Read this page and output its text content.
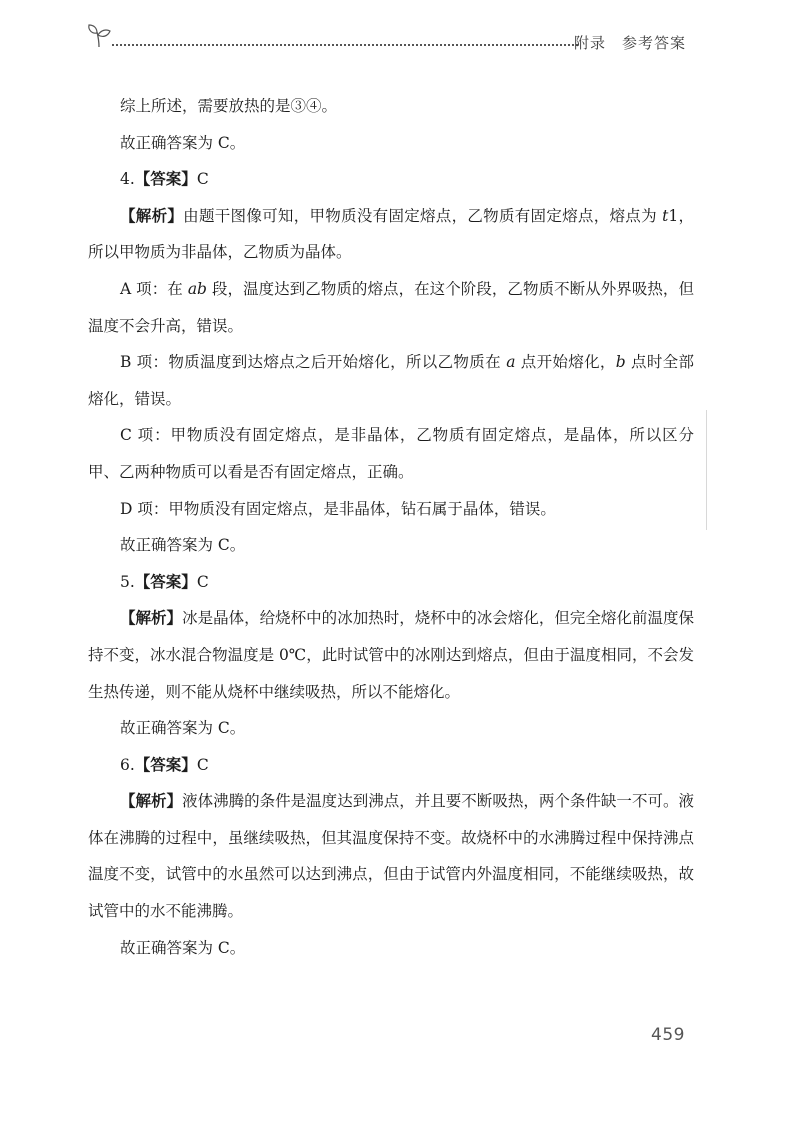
附录 参考答案

综上所述，需要放热的是③④。

故正确答案为 C。

4.【答案】C

【解析】由题干图像可知，甲物质没有固定熔点，乙物质有固定熔点，熔点为 t1，所以甲物质为非晶体，乙物质为晶体。

A 项：在 ab 段，温度达到乙物质的熔点，在这个阶段，乙物质不断从外界吸热，但温度不会升高，错误。

B 项：物质温度到达熔点之后开始熔化，所以乙物质在 a 点开始熔化，b 点时全部熔化，错误。

C 项：甲物质没有固定熔点，是非晶体，乙物质有固定熔点，是晶体，所以区分甲、乙两种物质可以看是否有固定熔点，正确。

D 项：甲物质没有固定熔点，是非晶体，钻石属于晶体，错误。

故正确答案为 C。

5.【答案】C

【解析】冰是晶体，给烧杯中的冰加热时，烧杯中的冰会熔化，但完全熔化前温度保持不变，冰水混合物温度是 0℃，此时试管中的冰刚达到熔点，但由于温度相同，不会发生热传递，则不能从烧杯中继续吸热，所以不能熔化。

故正确答案为 C。

6.【答案】C

【解析】液体沸腾的条件是温度达到沸点，并且要不断吸热，两个条件缺一不可。液体在沸腾的过程中，虽继续吸热，但其温度保持不变。故烧杯中的水沸腾过程中保持沸点温度不变，试管中的水虽然可以达到沸点，但由于试管内外温度相同，不能继续吸热，故试管中的水不能沸腾。

故正确答案为 C。

459
